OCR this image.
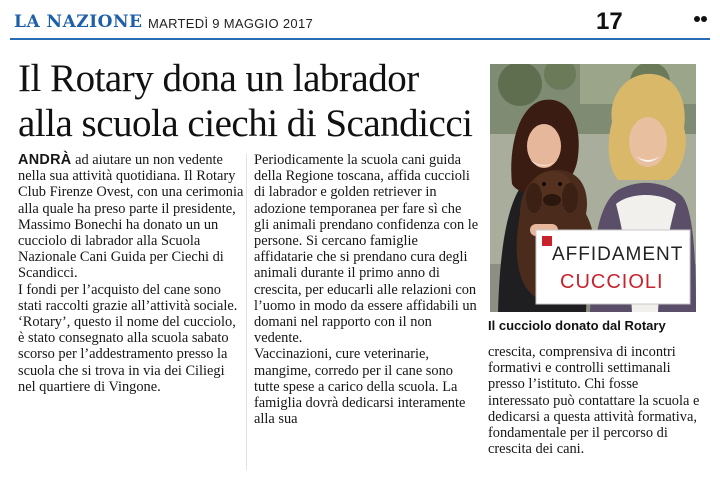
LA NAZIONE MARTEDÌ 9 MAGGIO 2017	17
Il Rotary dona un labrador
alla scuola ciechi di Scandicci

ANDRÀ ad aiutare un non vedente nella sua attività quotidiana. Il Rotary Club Firenze Ovest, con una cerimonia alla quale ha preso parte il presidente, Massimo Bonechi ha donato un un cucciolo di labrador alla Scuola Nazionale Cani Guida per Ciechi di Scandicci.

I fondi per l’acquisto del cane sono stati raccolti grazie all’attività sociale.

‘Rotary’, questo il nome del cucciolo, è stato consegnato alla scuola sabato scorso per l’addestramento presso la scuola che si trova in via dei Ciliegi nel quartiere di Vingone.

Periodicamente la scuola cani guida della Regione toscana, affida cuccioli di labrador e golden retriever in adozione temporanea per fare sì che gli animali prendano confidenza con le persone. Si cercano famiglie affidatarie che si prendano cura degli animali durante il primo anno di crescita, per educarli alle relazioni con l’uomo in modo da essere affidabili un domani nel rapporto con il non vedente.

Vaccinazioni, cure veterinarie, mangime, corredo per il cane sono tutte spese a carico della scuola. La famiglia dovrà dedicarsi interamente alla sua

AFFIDAMENT
CUCCIOLI
Il cucciolo donato dal Rotary

crescita, comprensiva di incontri formativi e controlli settimanali presso l’istituto. Chi fosse interessato può contattare la scuola e dedicarsi a questa attività formativa, fondamentale per il percorso di crescita dei cani.
